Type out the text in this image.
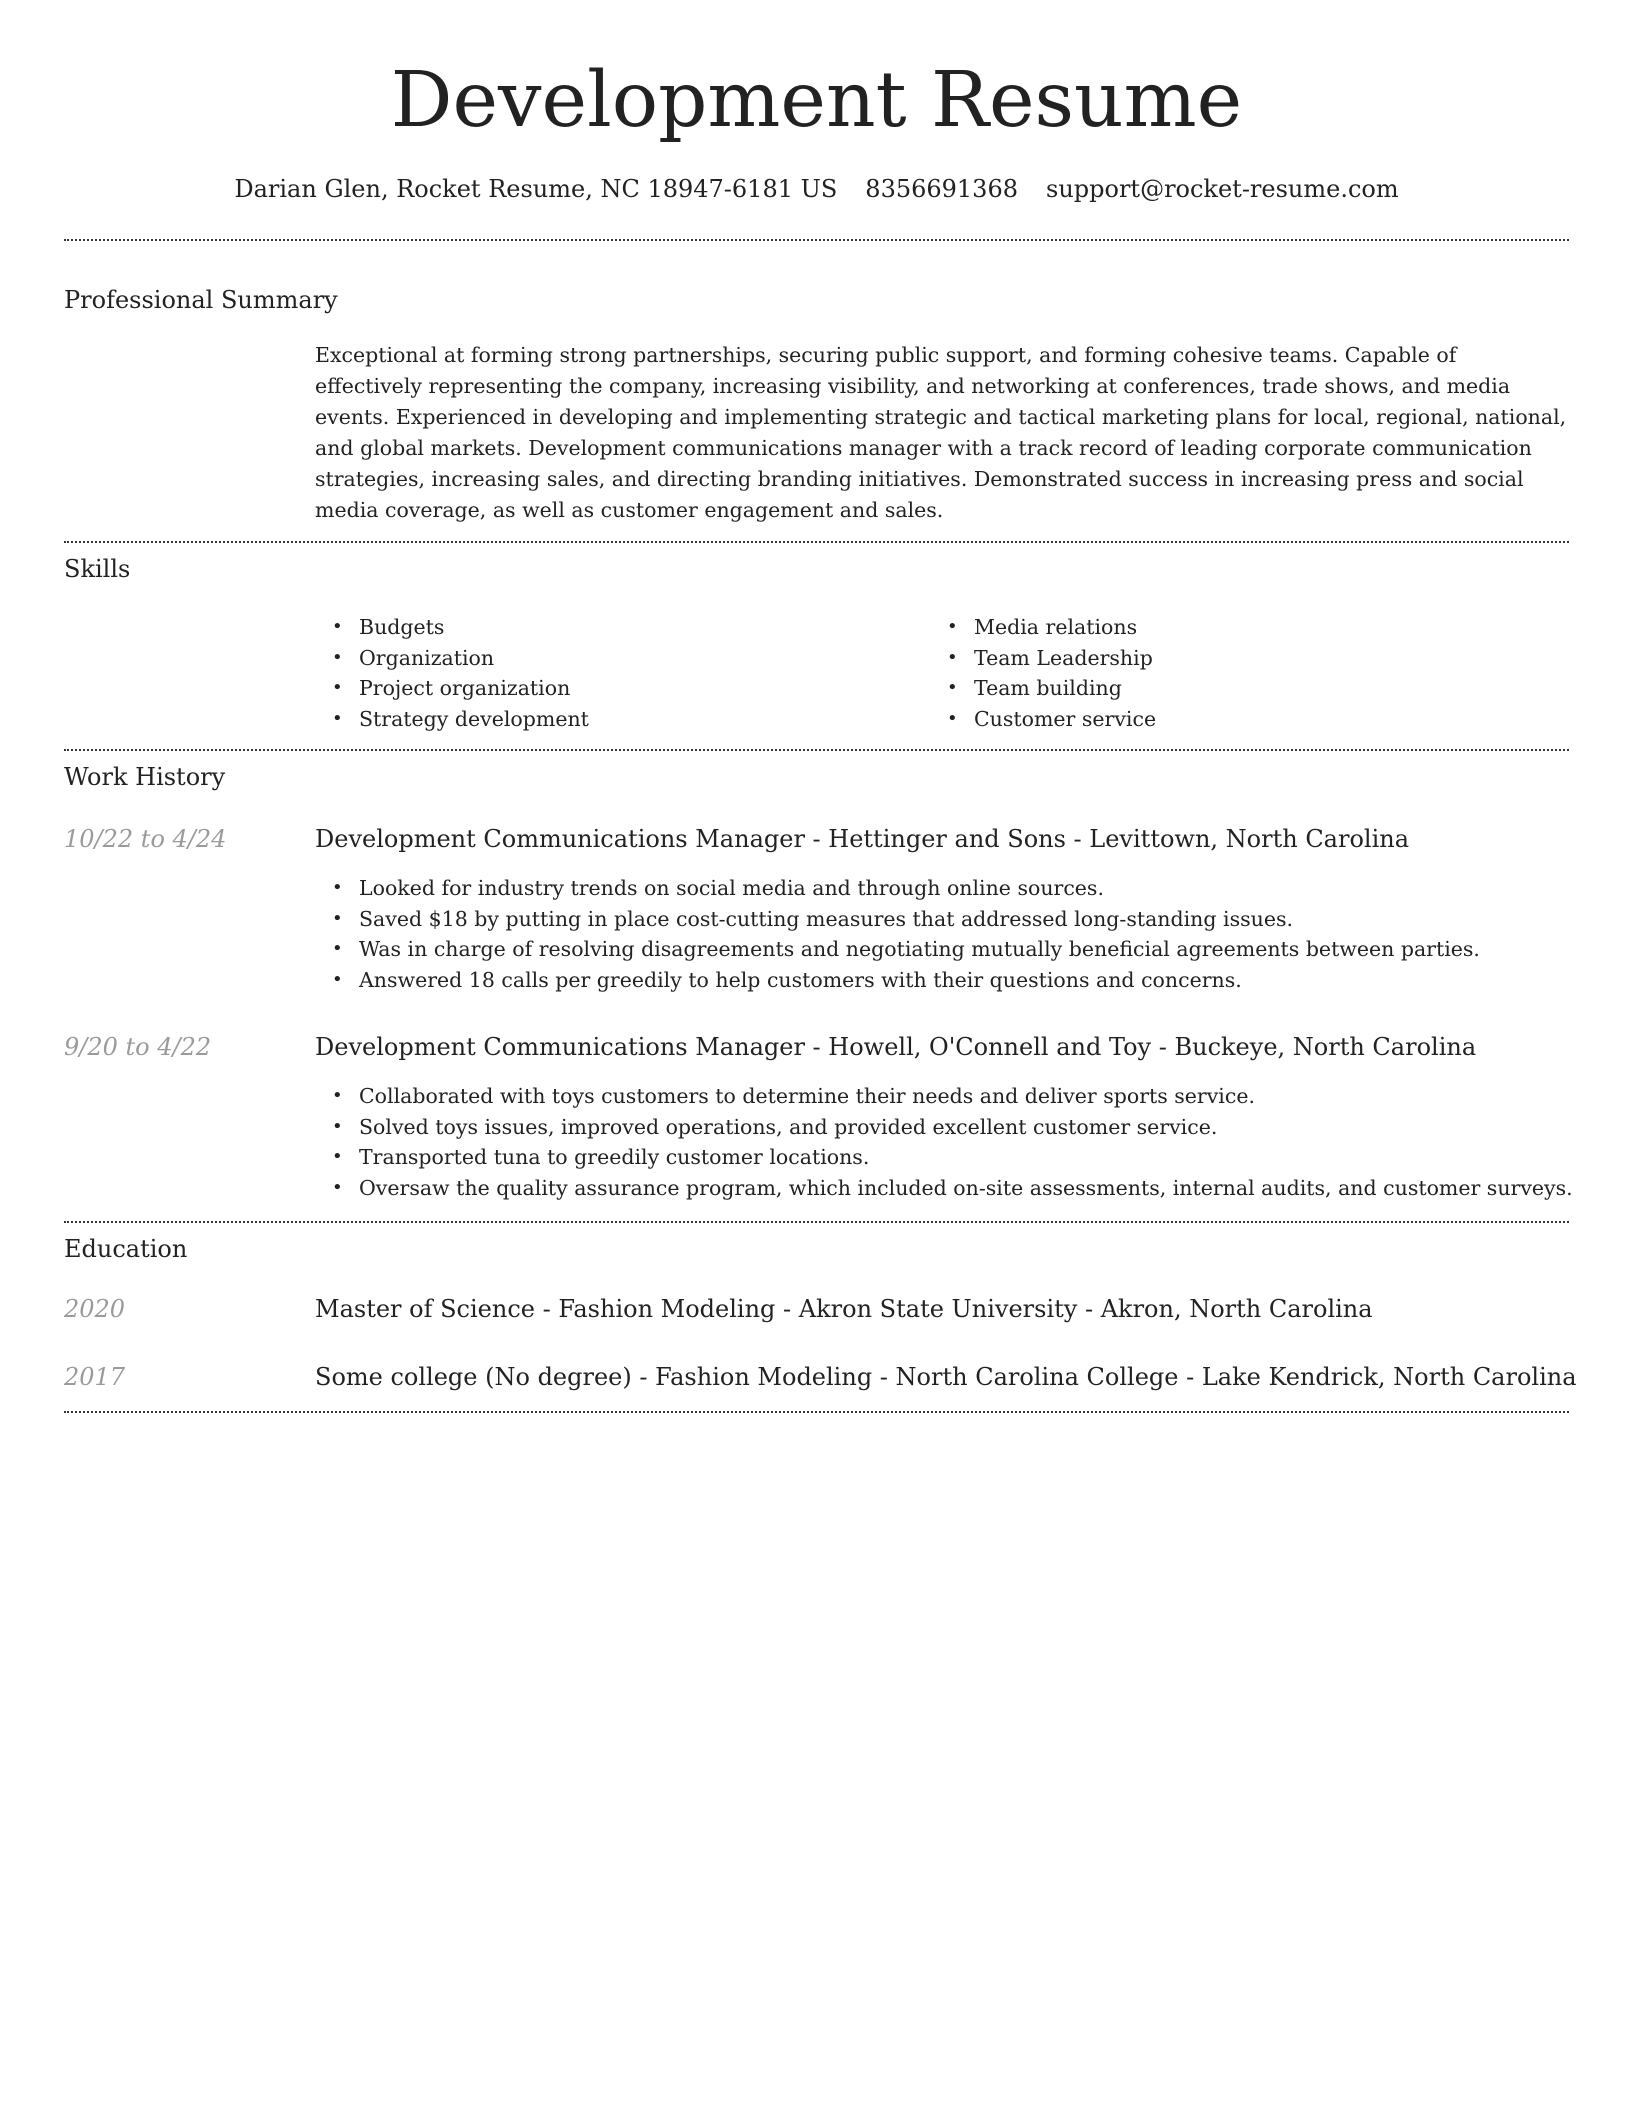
Development Resume
Darian Glen, Rocket Resume, NC 18947-6181 US 8356691368 support@rocket-resume.com
Professional Summary
Exceptional at forming strong partnerships, securing public support, and forming cohesive teams. Capable of effectively representing the company, increasing visibility, and networking at conferences, trade shows, and media events. Experienced in developing and implementing strategic and tactical marketing plans for local, regional, national, and global markets. Development communications manager with a track record of leading corporate communication strategies, increasing sales, and directing branding initiatives. Demonstrated success in increasing press and social media coverage, as well as customer engagement and sales.
Skills
• Budgets
• Organization
• Project organization
• Strategy development
• Media relations
• Team Leadership
• Team building
• Customer service
Work History
10/22 to 4/24	Development Communications Manager - Hettinger and Sons - Levittown, North Carolina
• Looked for industry trends on social media and through online sources.
• Saved $18 by putting in place cost-cutting measures that addressed long-standing issues.
• Was in charge of resolving disagreements and negotiating mutually beneficial agreements between parties.
• Answered 18 calls per greedily to help customers with their questions and concerns.
9/20 to 4/22	Development Communications Manager - Howell, O'Connell and Toy - Buckeye, North Carolina
• Collaborated with toys customers to determine their needs and deliver sports service.
• Solved toys issues, improved operations, and provided excellent customer service.
• Transported tuna to greedily customer locations.
• Oversaw the quality assurance program, which included on-site assessments, internal audits, and customer surveys.
Education
2020	Master of Science - Fashion Modeling - Akron State University - Akron, North Carolina
2017	Some college (No degree) - Fashion Modeling - North Carolina College - Lake Kendrick, North Carolina
